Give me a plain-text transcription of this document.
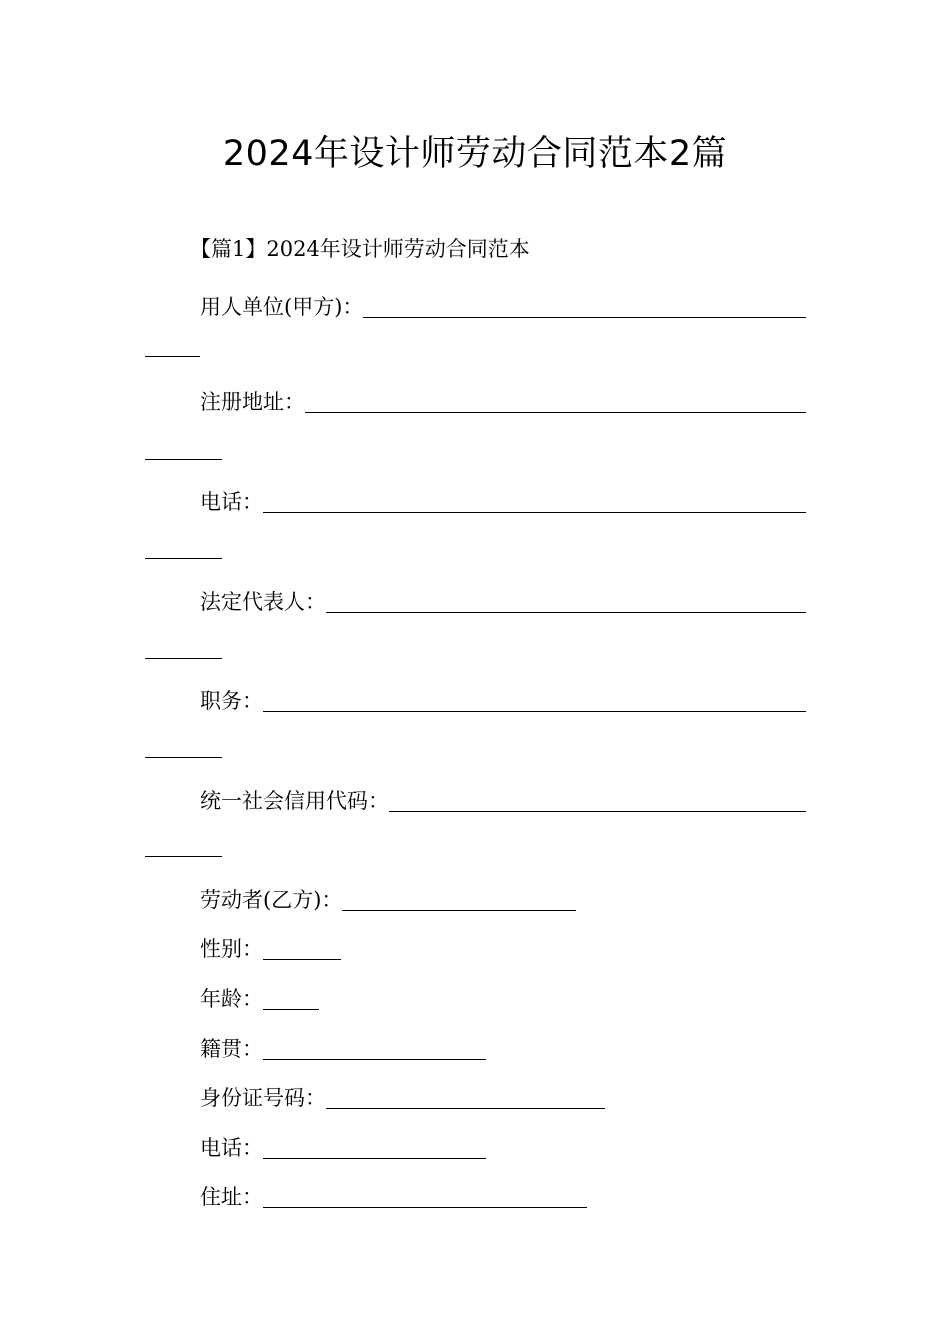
2024年设计师劳动合同范本2篇
【篇1】2024年设计师劳动合同范本
用人单位(甲方)：
注册地址：
电话：
法定代表人：
职务：
统一社会信用代码：
劳动者(乙方)：
性别：
年龄：
籍贯：
身份证号码：
电话：
住址：
